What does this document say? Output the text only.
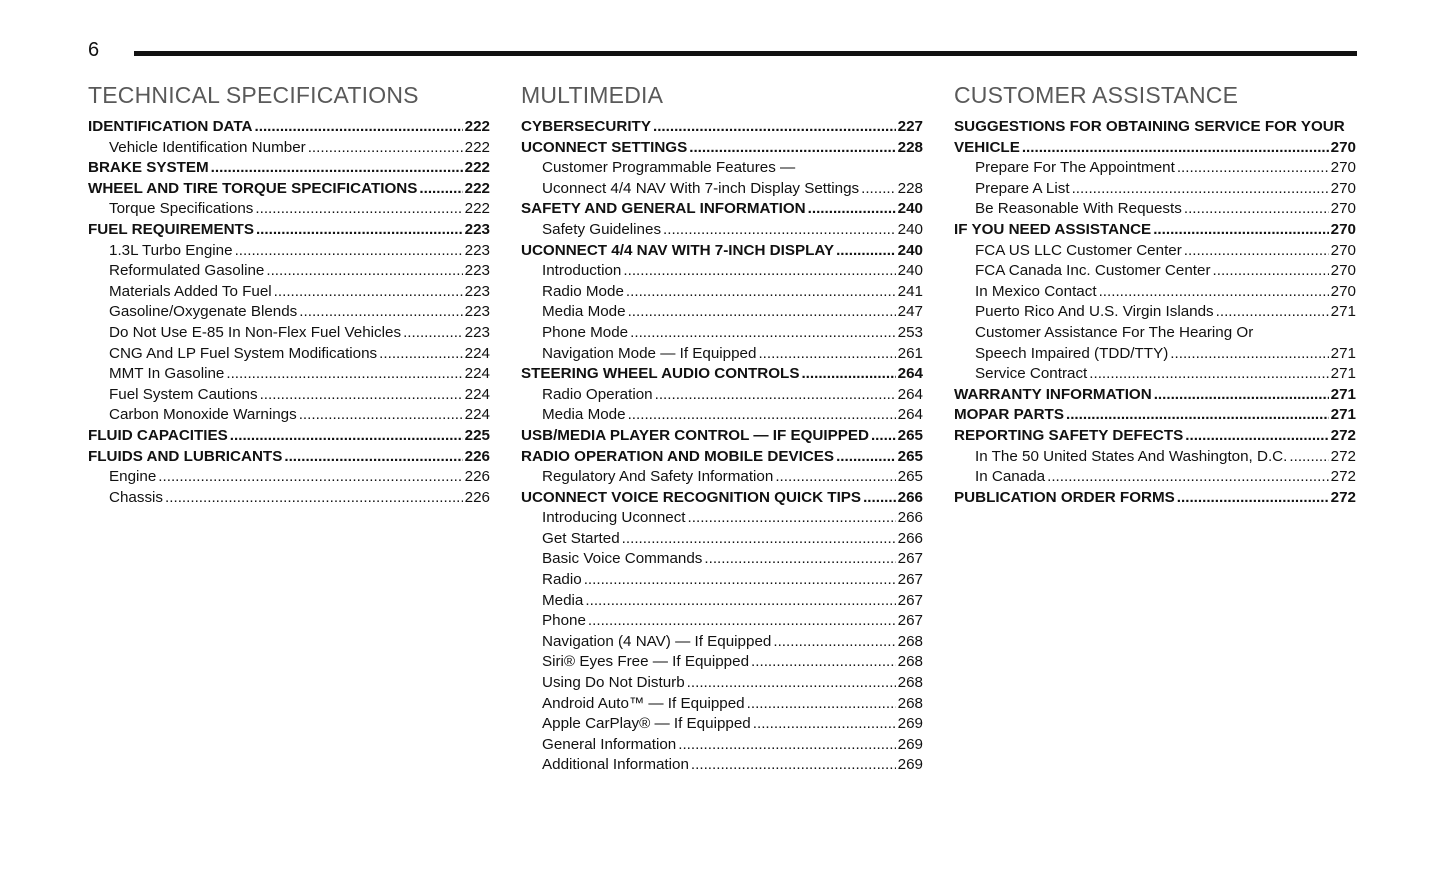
6
TECHNICAL SPECIFICATIONS
IDENTIFICATION DATA .....	222
Vehicle Identification Number .....	222
BRAKE SYSTEM .....	222
WHEEL AND TIRE TORQUE SPECIFICATIONS .....	222
Torque Specifications .....	222
FUEL REQUIREMENTS .....	223
1.3L Turbo Engine .....	223
Reformulated Gasoline .....	223
Materials Added To Fuel .....	223
Gasoline/Oxygenate Blends .....	223
Do Not Use E-85 In Non-Flex Fuel Vehicles .....	223
CNG And LP Fuel System Modifications .....	224
MMT In Gasoline .....	224
Fuel System Cautions .....	224
Carbon Monoxide Warnings .....	224
FLUID CAPACITIES .....	225
FLUIDS AND LUBRICANTS .....	226
Engine .....	226
Chassis .....	226
MULTIMEDIA
CYBERSECURITY .....	227
UCONNECT SETTINGS .....	228
Customer Programmable Features —
Uconnect 4/4 NAV With 7-inch Display Settings .....	228
SAFETY AND GENERAL INFORMATION .....	240
Safety Guidelines .....	240
UCONNECT 4/4 NAV WITH 7-INCH DISPLAY .....	240
Introduction .....	240
Radio Mode .....	241
Media Mode .....	247
Phone Mode .....	253
Navigation Mode — If Equipped .....	261
STEERING WHEEL AUDIO CONTROLS .....	264
Radio Operation .....	264
Media Mode .....	264
USB/MEDIA PLAYER CONTROL — IF EQUIPPED ..... 265
RADIO OPERATION AND MOBILE DEVICES .....	265
Regulatory And Safety Information .....	265
UCONNECT VOICE RECOGNITION QUICK TIPS ..... 266
Introducing Uconnect .....	266
Get Started .....	266
Basic Voice Commands .....	267
Radio .....	267
Media .....	267
Phone .....	267
Navigation (4 NAV) — If Equipped .....	268
Siri® Eyes Free — If Equipped .....	268
Using Do Not Disturb .....	268
Android Auto™ — If Equipped .....	268
Apple CarPlay® — If Equipped .....	269
General Information .....	269
Additional Information .....	269
CUSTOMER ASSISTANCE
SUGGESTIONS FOR OBTAINING SERVICE FOR YOUR
VEHICLE .....	270
Prepare For The Appointment .....	270
Prepare A List .....	270
Be Reasonable With Requests .....	270
IF YOU NEED ASSISTANCE .....	270
FCA US LLC Customer Center .....	270
FCA Canada Inc. Customer Center .....	270
In Mexico Contact .....	270
Puerto Rico And U.S. Virgin Islands .....	271
Customer Assistance For The Hearing Or
Speech Impaired (TDD/TTY) .....	271
Service Contract .....	271
WARRANTY INFORMATION .....	271
MOPAR PARTS .....	271
REPORTING SAFETY DEFECTS .....	272
In The 50 United States And Washington, D.C. .....	272
In Canada .....	272
PUBLICATION ORDER FORMS .....	272
